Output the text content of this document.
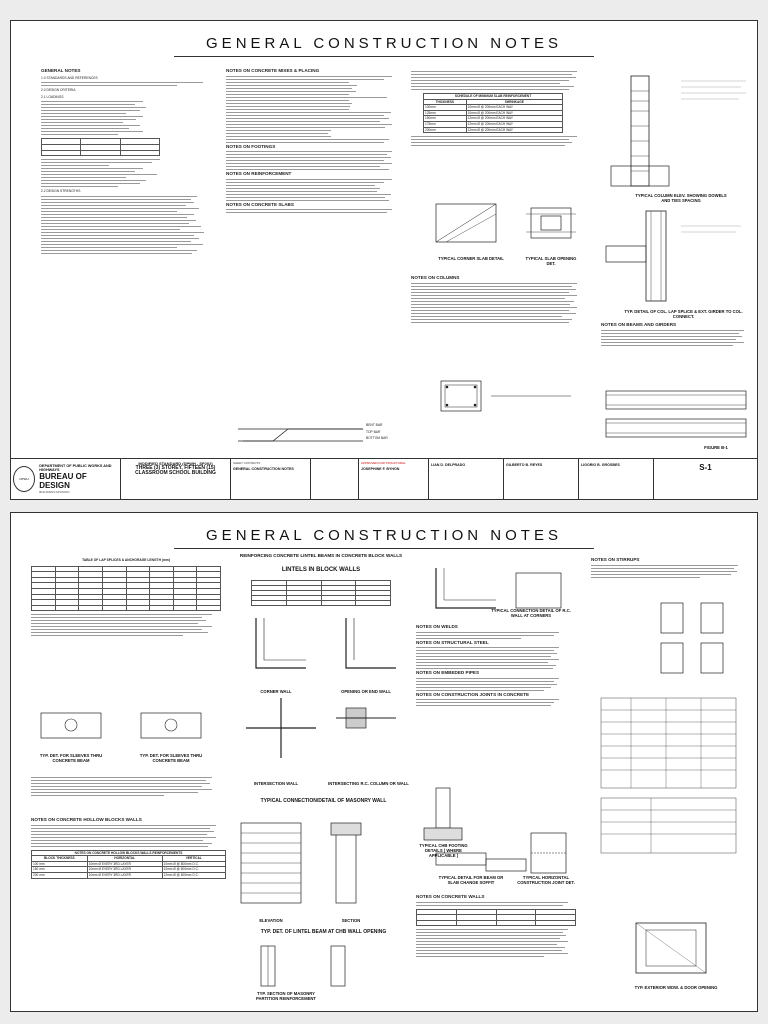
GENERAL CONSTRUCTION NOTES
GENERAL NOTES

1.0 STANDARDS AND REFERENCES

2.0 DESIGN CRITERIA

2.1 LOADINGS

2.2 DESIGN STRENGTHS

NOTES ON CONCRETE MIXES & PLACING
NOTES ON FOOTINGS
NOTES ON REINFORCEMENT
NOTES ON CONCRETE SLABS

BENT BAR

TOP BAR

BOTTOM BAR

SCHEDULE OF MINIMUM SLAB REINFORCEMENT	
THICKNESS	SHRINKAGE
100mm	10mm Ø @ 200mm EACH WAY
125mm	10mm Ø @ 200mm EACH WAY
150mm	12mm Ø @ 200mm EACH WAY
175mm	12mm Ø @ 200mm EACH WAY
200mm	12mm Ø @ 200mm EACH WAY
TYPICAL CORNER SLAB DETAIL	TYPICAL SLAB OPENING DET.
NOTES ON COLUMNS
TYPICAL COLUMN ELEV. SHOWING DOWELS AND TIES SPACING
TYP. DETAIL OF COL. LAP SPLICE & EXT. GIRDER TO COL. CONNECT.
NOTES ON BEAMS AND GIRDERS
FIGURE B-1
DPWH
DEPARTMENT OF PUBLIC WORKS AND HIGHWAYS
BUREAU OF DESIGN
BUILDINGS DIVISION
MODIFIED STANDARD (DPWH - SP202)
THREE (3) STOREY, FIFTEEN (15)
CLASSROOM SCHOOL BUILDING
SHEET CONTENTS
GENERAL CONSTRUCTION NOTES

APPROVED FOR STRUCTURAL
JOSEPHINE F. BYHON
LIAN D. DELPRADO	GILBERTO B. REYES	LIGORIO B. GROSBES	S-1
GENERAL CONSTRUCTION NOTES

TABLE OF LAP SPLICES & ANCHORAGE LENGTH (mm)

TYP. DET. FOR SLEEVES THRU CONCRETE BEAM
TYP. DET. FOR SLEEVES THRU CONCRETE BEAM
NOTES ON CONCRETE HOLLOW BLOCKS WALLS
NOTES ON CONCRETE HOLLOW BLOCKS WALLS REINFORCEMENTS		
BLOCK THICKNESS	HORIZONTAL	VERTICAL
100 mm	10mm Ø EVERY 3RD LAYER	10mm Ø @ 800mm O.C.
150 mm	10mm Ø EVERY 3RD LAYER	10mm Ø @ 600mm O.C.
200 mm	10mm Ø EVERY 3RD LAYER	12mm Ø @ 600mm O.C.
REINFORCING CONCRETE LINTEL BEAMS IN CONCRETE BLOCK WALLS
LINTELS IN BLOCK WALLS

CORNER WALL	OPENING OR END WALL
INTERSECTION WALL	INTERSECTING R.C. COLUMN OR WALL
TYPICAL CONNECTION/DETAIL OF MASONRY WALL
ELEVATION	SECTION
TYP. DET. OF LINTEL BEAM AT CHB WALL OPENING
TYP. SECTION OF MASONRY PARTITION REINFORCEMENT
TYPICAL CONNECTION DETAIL OF R.C. WALL AT CORNERS
NOTES ON WELDS
NOTES ON STRUCTURAL STEEL
NOTES ON EMBEDED PIPES
NOTES ON CONSTRUCTION JOINTS IN CONCRETE
TYPICAL CHB FOOTING DETAILS ( WHERE APPLICABLE )
TYPICAL DETAIL FOR BEAM OR SLAB CHANGE SOFFIT
TYPICAL HORIZONTAL CONSTRUCTION JOINT DET.
NOTES ON CONCRETE WALLS

NOTES ON STIRRUPS
TYP. EXTERIOR WDW. & DOOR OPENING
